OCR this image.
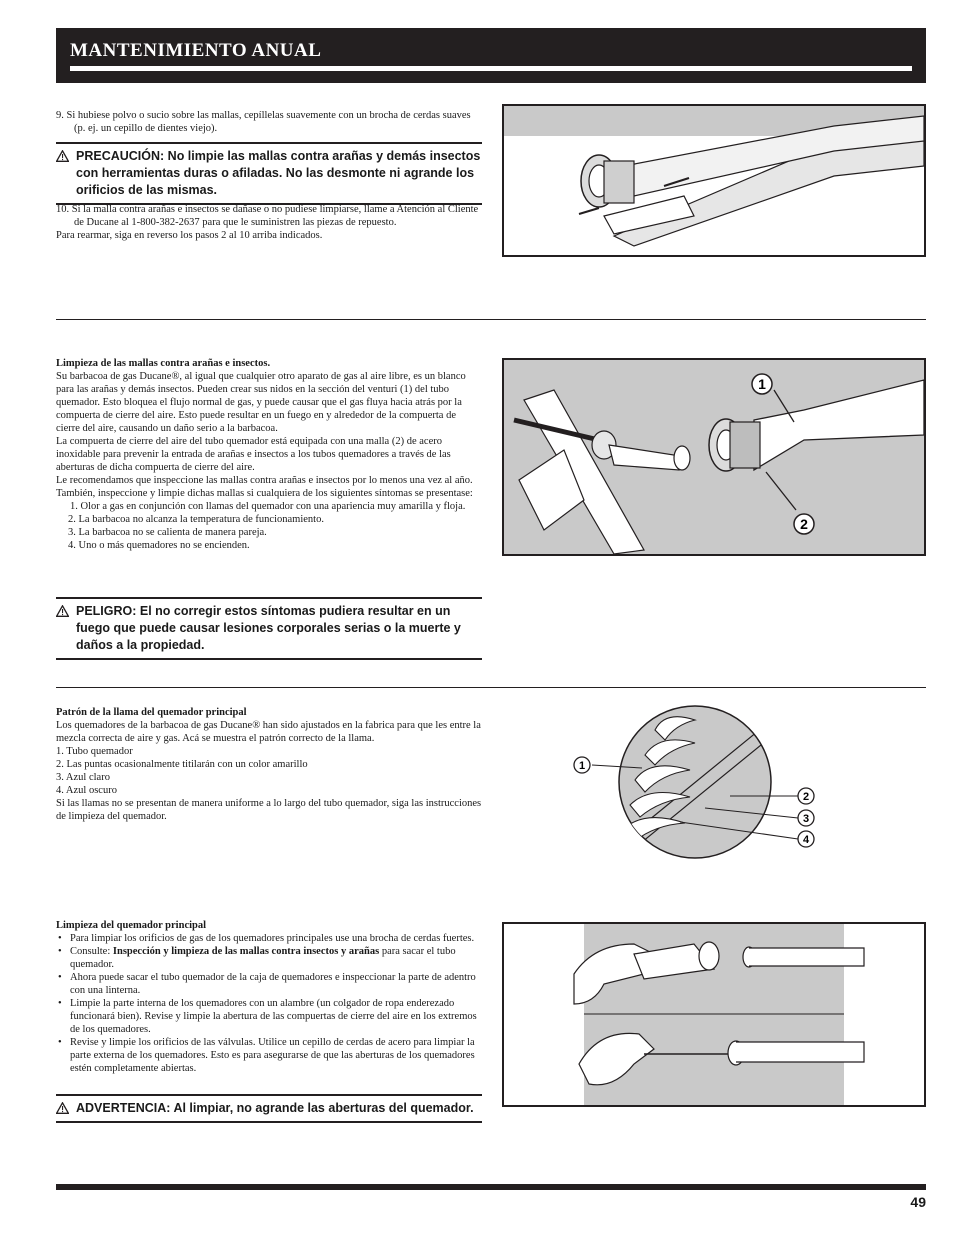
MANTENIMIENTO ANUAL

9. Si hubiese polvo o sucio sobre las mallas, cepíllelas suavemente con un brocha de cerdas suaves (p. ej. un cepillo de dientes viejo).

PRECAUCIÓN: No limpie las mallas contra arañas y demás insectos con herramientas duras o afiladas. No las desmonte ni agrande los orificios de las mismas.

10. Si la malla contra arañas e insectos se dañase o no pudiese limpiarse, llame a Atención al Cliente de Ducane al 1-800-382-2637 para que le suministren las piezas de repuesto.

Para rearmar, siga en reverso los pasos 2 al 10 arriba indicados.

Limpieza de las mallas contra arañas e insectos.

Su barbacoa de gas Ducane®, al igual que cualquier otro aparato de gas al aire libre, es un blanco para las arañas y demás insectos. Pueden crear sus nidos en la sección del venturi (1) del tubo quemador. Esto bloquea el flujo normal de gas, y puede causar que el gas fluya hacia atrás por la compuerta de cierre del aire. Esto puede resultar en un fuego en y alrededor de la compuerta de cierre del aire, causando un daño serio a la barbacoa.

La compuerta de cierre del aire del tubo quemador está equipada con una malla (2) de acero inoxidable para prevenir la entrada de arañas e insectos a los tubos quemadores a través de las aberturas de dicha compuerta de cierre del aire.

Le recomendamos que inspeccione las mallas contra arañas e insectos por lo menos una vez al año. También, inspeccione y limpie dichas mallas si cualquiera de los siguientes síntomas se presentase:

1. Olor a gas en conjunción con llamas del quemador con una apariencia muy amarilla y floja.

2. La barbacoa no alcanza la temperatura de funcionamiento.

3. La barbacoa no se calienta de manera pareja.

4. Uno o más quemadores no se encienden.

PELIGRO: El no corregir estos síntomas pudiera resultar en un fuego que puede causar lesiones corporales serias o la muerte y daños a la propiedad.
1
2

Patrón de la llama del quemador principal

Los quemadores de la barbacoa de gas Ducane® han sido ajustados en la fabrica para que les entre la mezcla correcta de aire y gas. Acá se muestra el patrón correcto de la llama.

1. Tubo quemador

2. Las puntas ocasionalmente titilarán con un color amarillo

3. Azul claro

4. Azul oscuro

Si las llamas no se presentan de manera uniforme a lo largo del tubo quemador, siga las instrucciones de limpieza del quemador.

1
2
3
4

Limpieza del quemador principal

• Para limpiar los orificios de gas de los quemadores principales use una brocha de cerdas fuertes.
• Consulte: Inspección y limpieza de las mallas contra insectos y arañas para sacar el tubo quemador.
• Ahora puede sacar el tubo quemador de la caja de quemadores e inspeccionar la parte de adentro con una linterna.
• Limpie la parte interna de los quemadores con un alambre (un colgador de ropa enderezado funcionará bien). Revise y limpie la abertura de las compuertas de cierre del aire en los extremos de los quemadores.
• Revise y limpie los orificios de las válvulas. Utilice un cepillo de cerdas de acero para limpiar la parte externa de los quemadores. Esto es para asegurarse de que las aberturas de los quemadores estén completamente abiertas.
ADVERTENCIA: Al limpiar, no agrande las aberturas del quemador.
49
